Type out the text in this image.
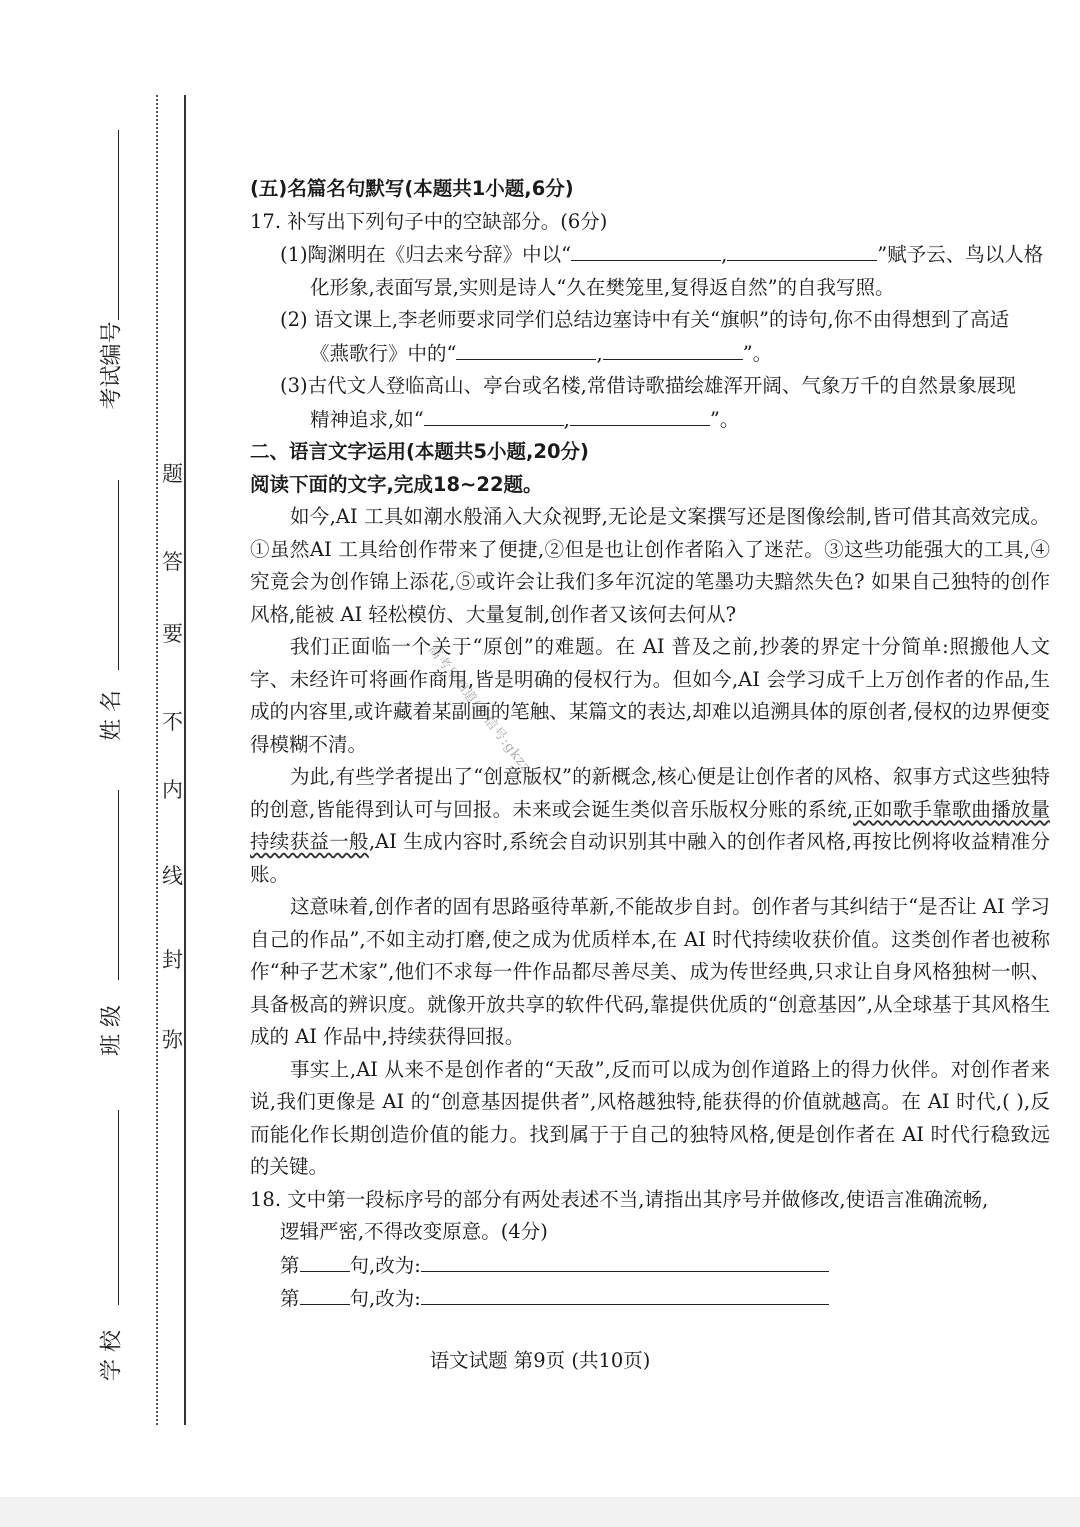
题
答
要
不
内
线
封
弥
考试编号
姓 名
班 级
学 校
(五)名篇名句默写(本题共1小题,6分)
17. 补写出下列句子中的空缺部分。(6分)
(1)陶渊明在《归去来兮辞》中以“	,	”赋予云、鸟以人格
化形象,表面写景,实则是诗人“久在樊笼里,复得返自然”的自我写照。
(2) 语文课上,李老师要求同学们总结边塞诗中有关“旗帜”的诗句,你不由得想到了高适
《燕歌行》中的“	,	”。
(3)古代文人登临高山、亭台或名楼,常借诗歌描绘雄浑开阔、气象万千的自然景象展现
精神追求,如“	,	”。
二、语言文字运用(本题共5小题,20分)
阅读下面的文字,完成18~22题。
如今,AI 工具如潮水般涌入大众视野,无论是文案撰写还是图像绘制,皆可借其高效完成。①虽然AI 工具给创作带来了便捷,②但是也让创作者陷入了迷茫。③这些功能强大的工具,④究竟会为创作锦上添花,⑤或许会让我们多年沉淀的笔墨功夫黯然失色? 如果自己独特的创作风格,能被 AI 轻松模仿、大量复制,创作者又该何去何从?
我们正面临一个关于“原创”的难题。在 AI 普及之前,抄袭的界定十分简单:照搬他人文字、未经许可将画作商用,皆是明确的侵权行为。但如今,AI 会学习成千上万创作者的作品,生成的内容里,或许藏着某副画的笔触、某篇文的表达,却难以追溯具体的原创者,侵权的边界便变得模糊不清。
为此,有些学者提出了“创意版权”的新概念,核心便是让创作者的风格、叙事方式这些独特的创意,皆能得到认可与回报。未来或会诞生类似音乐版权分账的系统,正如歌手靠歌曲播放量持续获益一般,AI 生成内容时,系统会自动识别其中融入的创作者风格,再按比例将收益精准分账。
这意味着,创作者的固有思路亟待革新,不能故步自封。创作者与其纠结于“是否让 AI 学习自己的作品”,不如主动打磨,使之成为优质样本,在 AI 时代持续收获价值。这类创作者也被称作“种子艺术家”,他们不求每一件作品都尽善尽美、成为传世经典,只求让自身风格独树一帜、具备极高的辨识度。就像开放共享的软件代码,靠提供优质的“创意基因”,从全球基于其风格生成的 AI 作品中,持续获得回报。
事实上,AI 从来不是创作者的“天敌”,反而可以成为创作道路上的得力伙伴。对创作者来说,我们更像是 AI 的“创意基因提供者”,风格越独特,能获得的价值就越高。在 AI 时代,( ),反而能化作长期创造价值的能力。找到属于于自己的独特风格,便是创作者在 AI 时代行稳致远的关键。
18. 文中第一段标序号的部分有两处表述不当,请指出其序号并做修改,使语言准确流畅,
逻辑严密,不得改变原意。(4分)
第	句,改为:
第	句,改为:
高考早知道(微信号:gkzzd)
语文试题 第9页 (共10页)
